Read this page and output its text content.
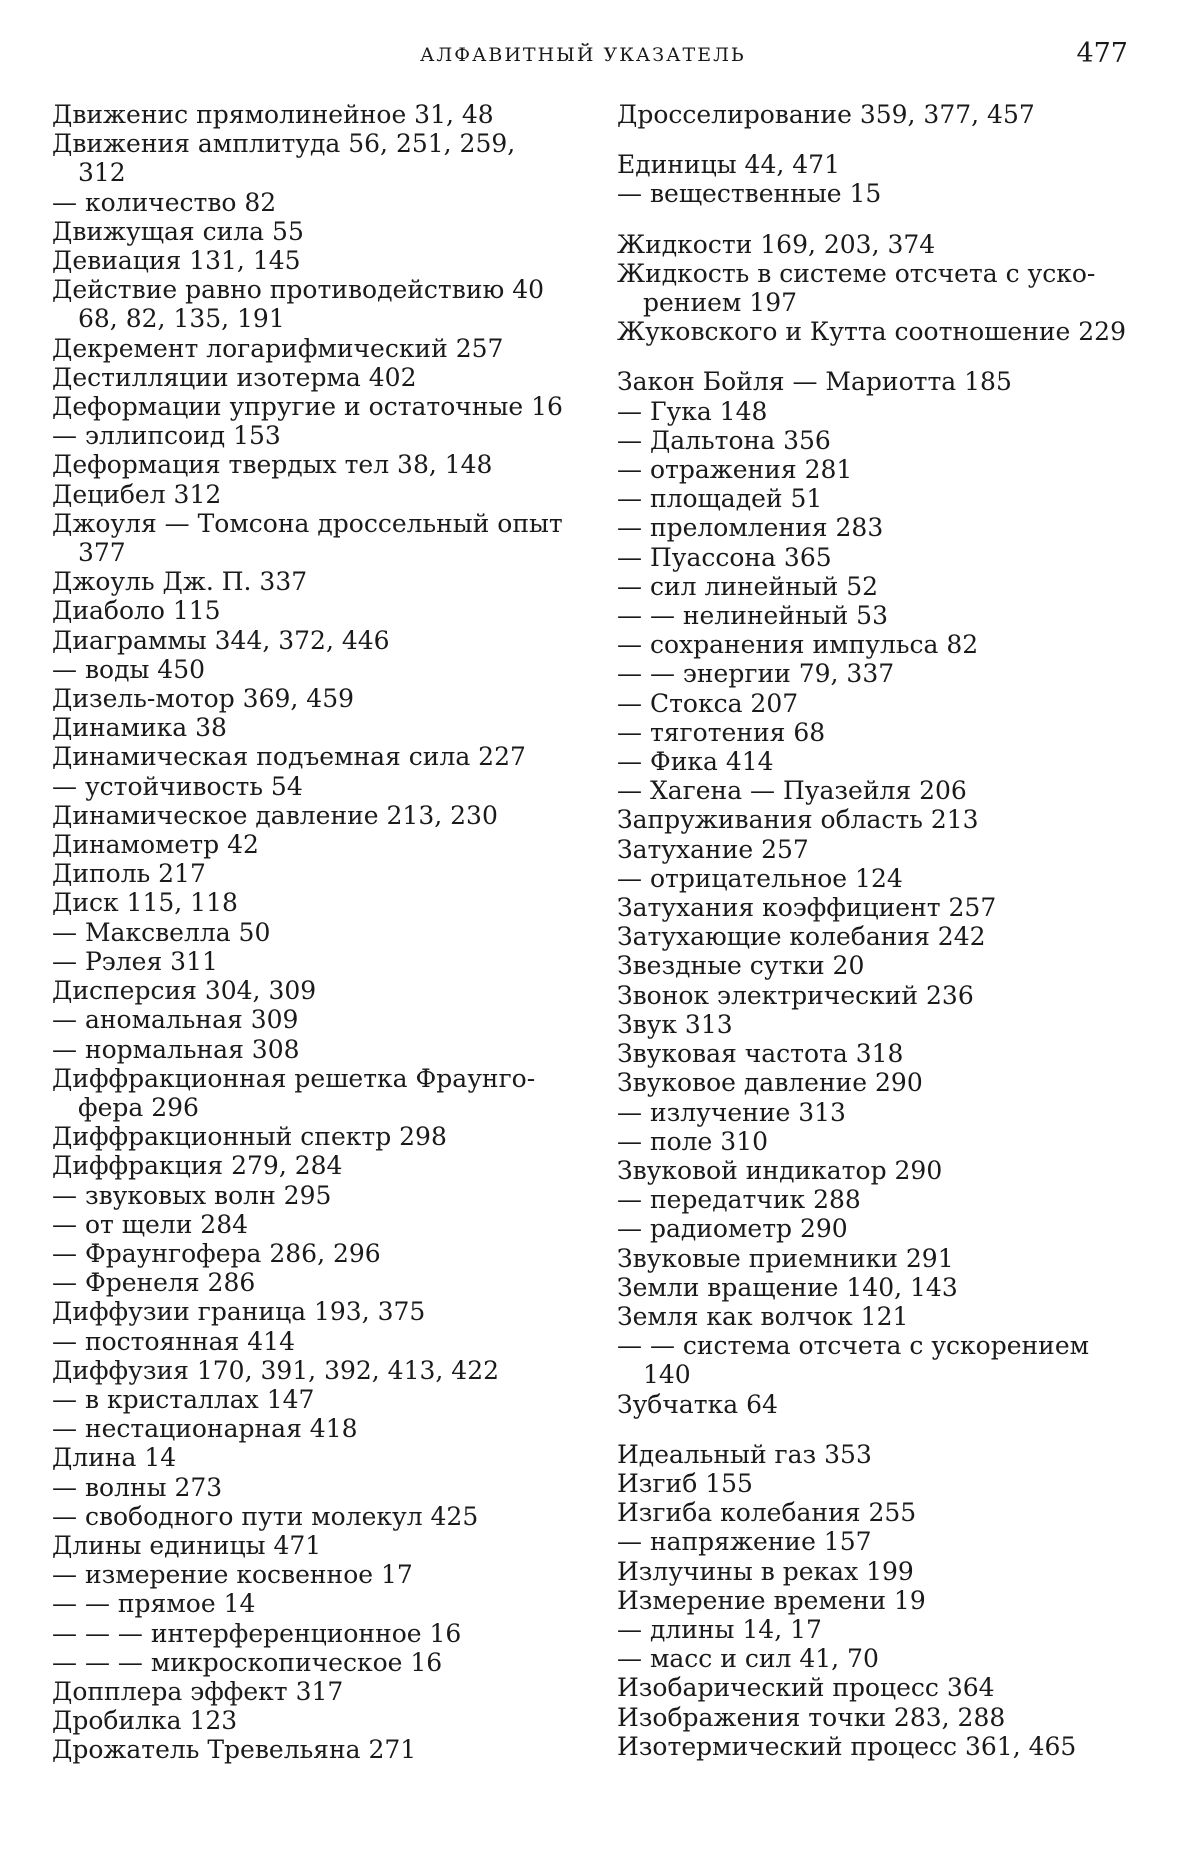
АЛФАВИТНЫЙ УКАЗАТЕЛЬ	477
Движенис прямолинейное 31, 48
Движения амплитуда 56, 251, 259,
312
— количество 82
Движущая сила 55
Девиация 131, 145
Действие равно противодействию 40
68, 82, 135, 191
Декремент логарифмический 257
Дестилляции изотерма 402
Деформации упругие и остаточные 16
— эллипсоид 153
Деформация твердых тел 38, 148
Децибел 312
Джоуля — Томсона дроссельный опыт
377
Джоуль Дж. П. 337
Диаболо 115
Диаграммы 344, 372, 446
— воды 450
Дизель-мотор 369, 459
Динамика 38
Динамическая подъемная сила 227
— устойчивость 54
Динамическое давление 213, 230
Динамометр 42
Диполь 217
Диск 115, 118
— Максвелла 50
— Рэлея 311
Дисперсия 304, 309
— аномальная 309
— нормальная 308
Диффракционная решетка Фраунго-
фера 296
Диффракционный спектр 298
Диффракция 279, 284
— звуковых волн 295
— от щели 284
— Фраунгофера 286, 296
— Френеля 286
Диффузии граница 193, 375
— постоянная 414
Диффузия 170, 391, 392, 413, 422
— в кристаллах 147
— нестационарная 418
Длина 14
— волны 273
— свободного пути молекул 425
Длины единицы 471
— измерение косвенное 17
— — прямое 14
— — — интерференционное 16
— — — микроскопическое 16
Допплера эффект 317
Дробилка 123
Дрожатель Тревельяна 271
Дросселирование 359, 377, 457
Единицы 44, 471
— вещественные 15
Жидкости 169, 203, 374
Жидкость в системе отсчета с уско-
рением 197
Жуковского и Кутта соотношение 229
Закон Бойля — Мариотта 185
— Гука 148
— Дальтона 356
— отражения 281
— площадей 51
— преломления 283
— Пуассона 365
— сил линейный 52
— — нелинейный 53
— сохранения импульса 82
— — энергии 79, 337
— Стокса 207
— тяготения 68
— Фика 414
— Хагена — Пуазейля 206
Запруживания область 213
Затухание 257
— отрицательное 124
Затухания коэффициент 257
Затухающие колебания 242
Звездные сутки 20
Звонок электрический 236
Звук 313
Звуковая частота 318
Звуковое давление 290
— излучение 313
— поле 310
Звуковой индикатор 290
— передатчик 288
— радиометр 290
Звуковые приемники 291
Земли вращение 140, 143
Земля как волчок 121
— — система отсчета с ускорением
140
Зубчатка 64
Идеальный газ 353
Изгиб 155
Изгиба колебания 255
— напряжение 157
Излучины в реках 199
Измерение времени 19
— длины 14, 17
— масс и сил 41, 70
Изобарический процесс 364
Изображения точки 283, 288
Изотермический процесс 361, 465
